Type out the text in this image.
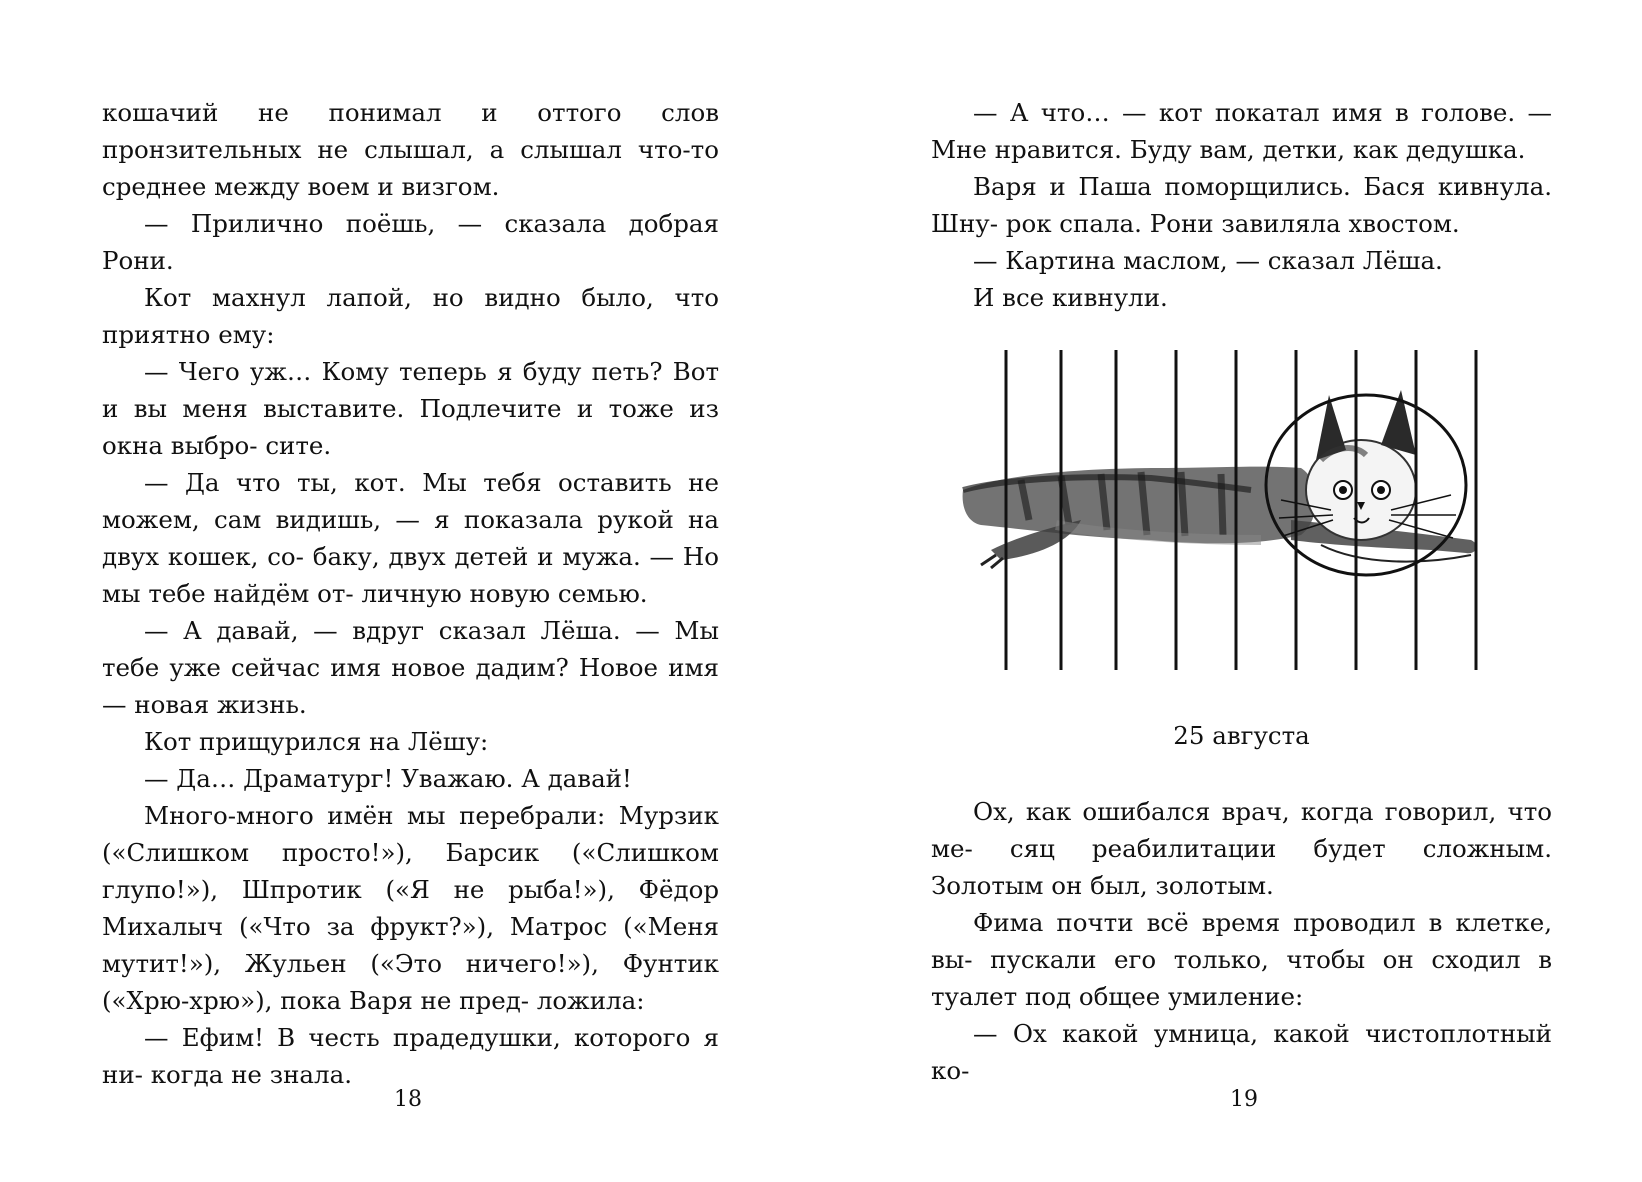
кошачий не понимал и оттого слов пронзительных не слышал, а слышал что-то среднее между воем и визгом.

— Прилично поёшь, — сказала добрая Рони.

Кот махнул лапой, но видно было, что приятно ему:

— Чего уж… Кому теперь я буду петь? Вот и вы меня выставите. Подлечите и тоже из окна выбро- сите.

— Да что ты, кот. Мы тебя оставить не можем, сам видишь, — я показала рукой на двух кошек, со- баку, двух детей и мужа. — Но мы тебе найдём от- личную новую семью.

— А давай, — вдруг сказал Лёша. — Мы тебе уже сейчас имя новое дадим? Новое имя — новая жизнь.

Кот прищурился на Лёшу:

— Да… Драматург! Уважаю. А давай!

Много-много имён мы перебрали: Мурзик («Слишком просто!»), Барсик («Слишком глупо!»), Шпротик («Я не рыба!»), Фёдор Михалыч («Что за фрукт?»), Матрос («Меня мутит!»), Жульен («Это ничего!»), Фунтик («Хрю-хрю»), пока Варя не пред- ложила:

— Ефим! В честь прадедушки, которого я ни- когда не знала.

18

— А что… — кот покатал имя в голове. — Мне нравится. Буду вам, детки, как дедушка.

Варя и Паша поморщились. Бася кивнула. Шну- рок спала. Рони завиляла хвостом.

— Картина маслом, — сказал Лёша.

И все кивнули.

25 августа

Ох, как ошибался врач, когда говорил, что ме- сяц реабилитации будет сложным. Золотым он был, золотым.

Фима почти всё время проводил в клетке, вы- пускали его только, чтобы он сходил в туалет под общее умиление:

— Ох какой умница, какой чистоплотный ко-

19
